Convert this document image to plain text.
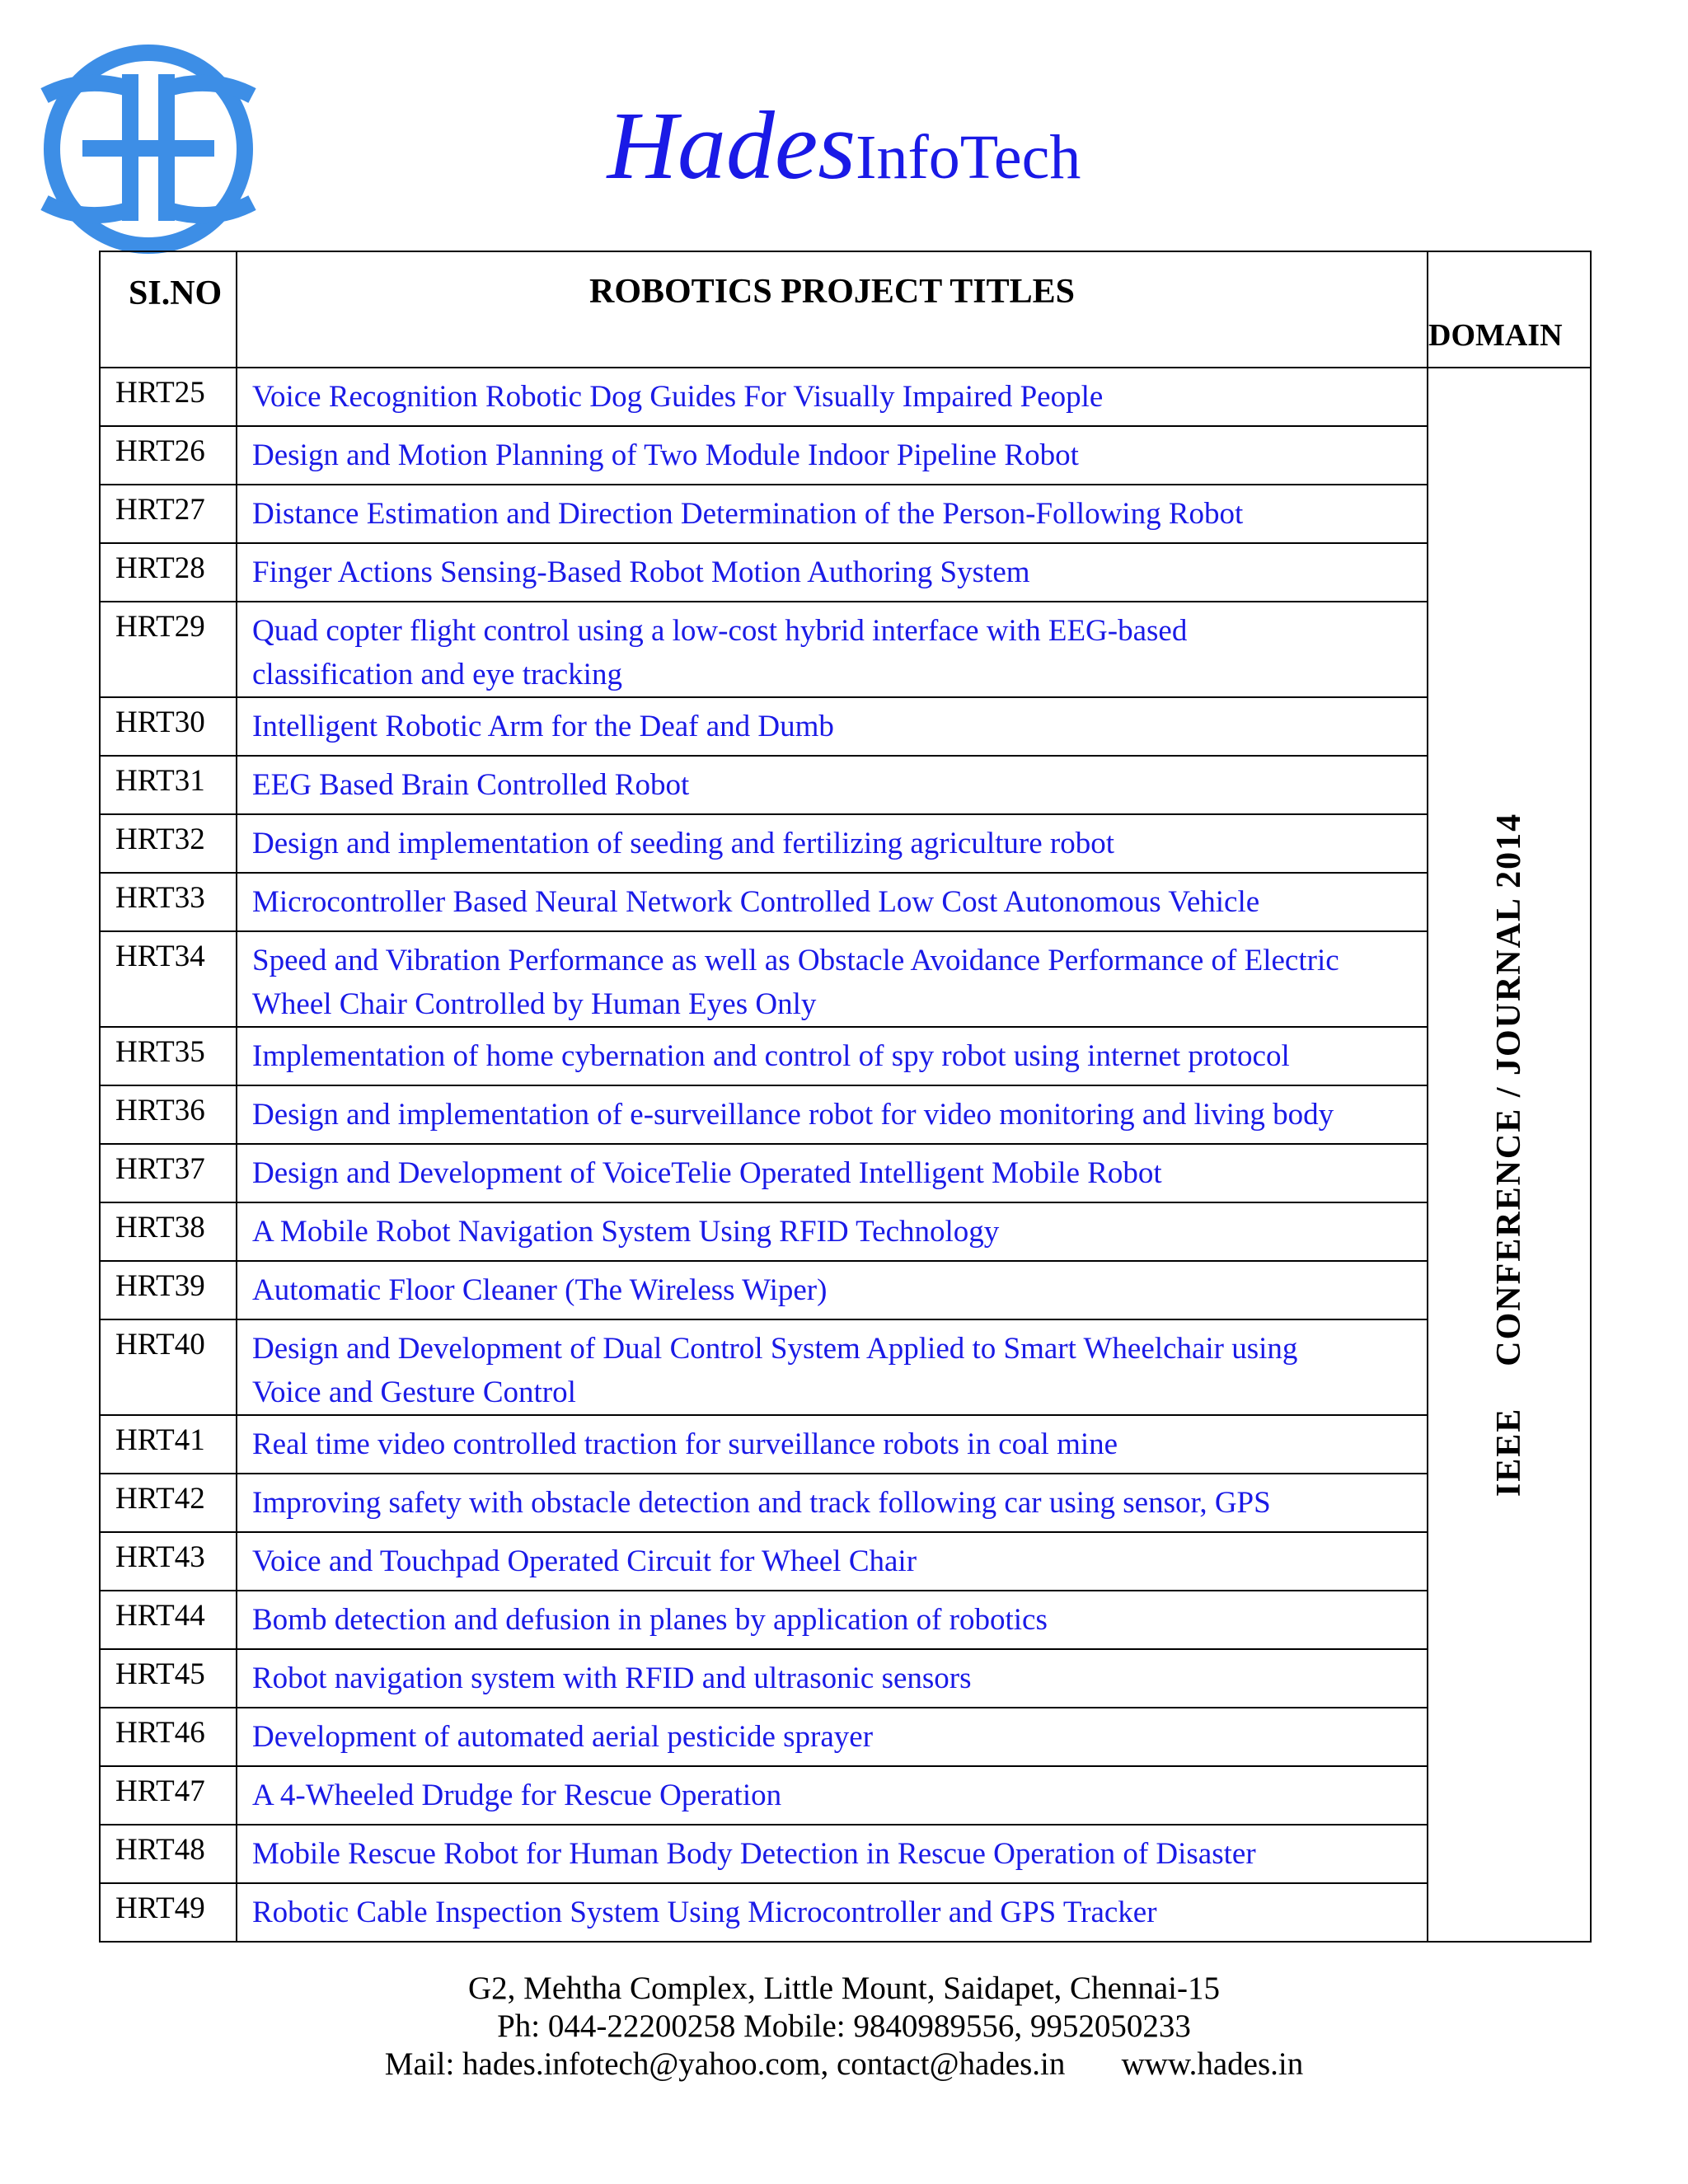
HadesInfoTech
SI.NO	ROBOTICS PROJECT TITLES	DOMAIN
HRT25	Voice Recognition Robotic Dog Guides For Visually Impaired People	IEEE    CONFERENCE / JOURNAL 2014

HRT26	Design and Motion Planning of Two Module Indoor Pipeline Robot	

HRT27	Distance Estimation and Direction Determination of the Person-Following Robot	

HRT28	Finger Actions Sensing-Based Robot Motion Authoring System	

HRT29	Quad copter flight control using a low-cost hybrid interface with EEG-based
classification and eye tracking	

HRT30	Intelligent Robotic Arm for the Deaf and Dumb	

HRT31	EEG Based Brain Controlled Robot	

HRT32	Design and implementation of seeding and fertilizing agriculture robot	

HRT33	Microcontroller Based Neural Network Controlled Low Cost Autonomous Vehicle	

HRT34	Speed and Vibration Performance as well as Obstacle Avoidance Performance of Electric
Wheel Chair Controlled by Human Eyes Only	

HRT35	Implementation of home cybernation and control of spy robot using internet protocol	

HRT36	Design and implementation of e-surveillance robot for video monitoring and living body	

HRT37	Design and Development of VoiceTelie Operated Intelligent Mobile Robot	

HRT38	A Mobile Robot Navigation System Using RFID Technology	

HRT39	Automatic Floor Cleaner (The Wireless Wiper)	

HRT40	Design and Development of Dual Control System Applied to Smart Wheelchair using
Voice and Gesture Control	

HRT41	Real time video controlled traction for surveillance robots in coal mine	

HRT42	Improving safety with obstacle detection and track following car using sensor, GPS	

HRT43	Voice and Touchpad Operated Circuit for Wheel Chair	

HRT44	Bomb detection and defusion in planes by application of robotics	

HRT45	Robot navigation system with RFID and ultrasonic sensors	

HRT46	Development of automated aerial pesticide sprayer	

HRT47	A 4-Wheeled Drudge for Rescue Operation	

HRT48	Mobile Rescue Robot for Human Body Detection in Rescue Operation of Disaster	

HRT49	Robotic Cable Inspection System Using Microcontroller and GPS Tracker	
G2, Mehtha Complex, Little Mount, Saidapet, Chennai-15
Ph: 044-22200258 Mobile: 9840989556, 9952050233
Mail: hades.infotech@yahoo.com, contact@hades.in       www.hades.in
